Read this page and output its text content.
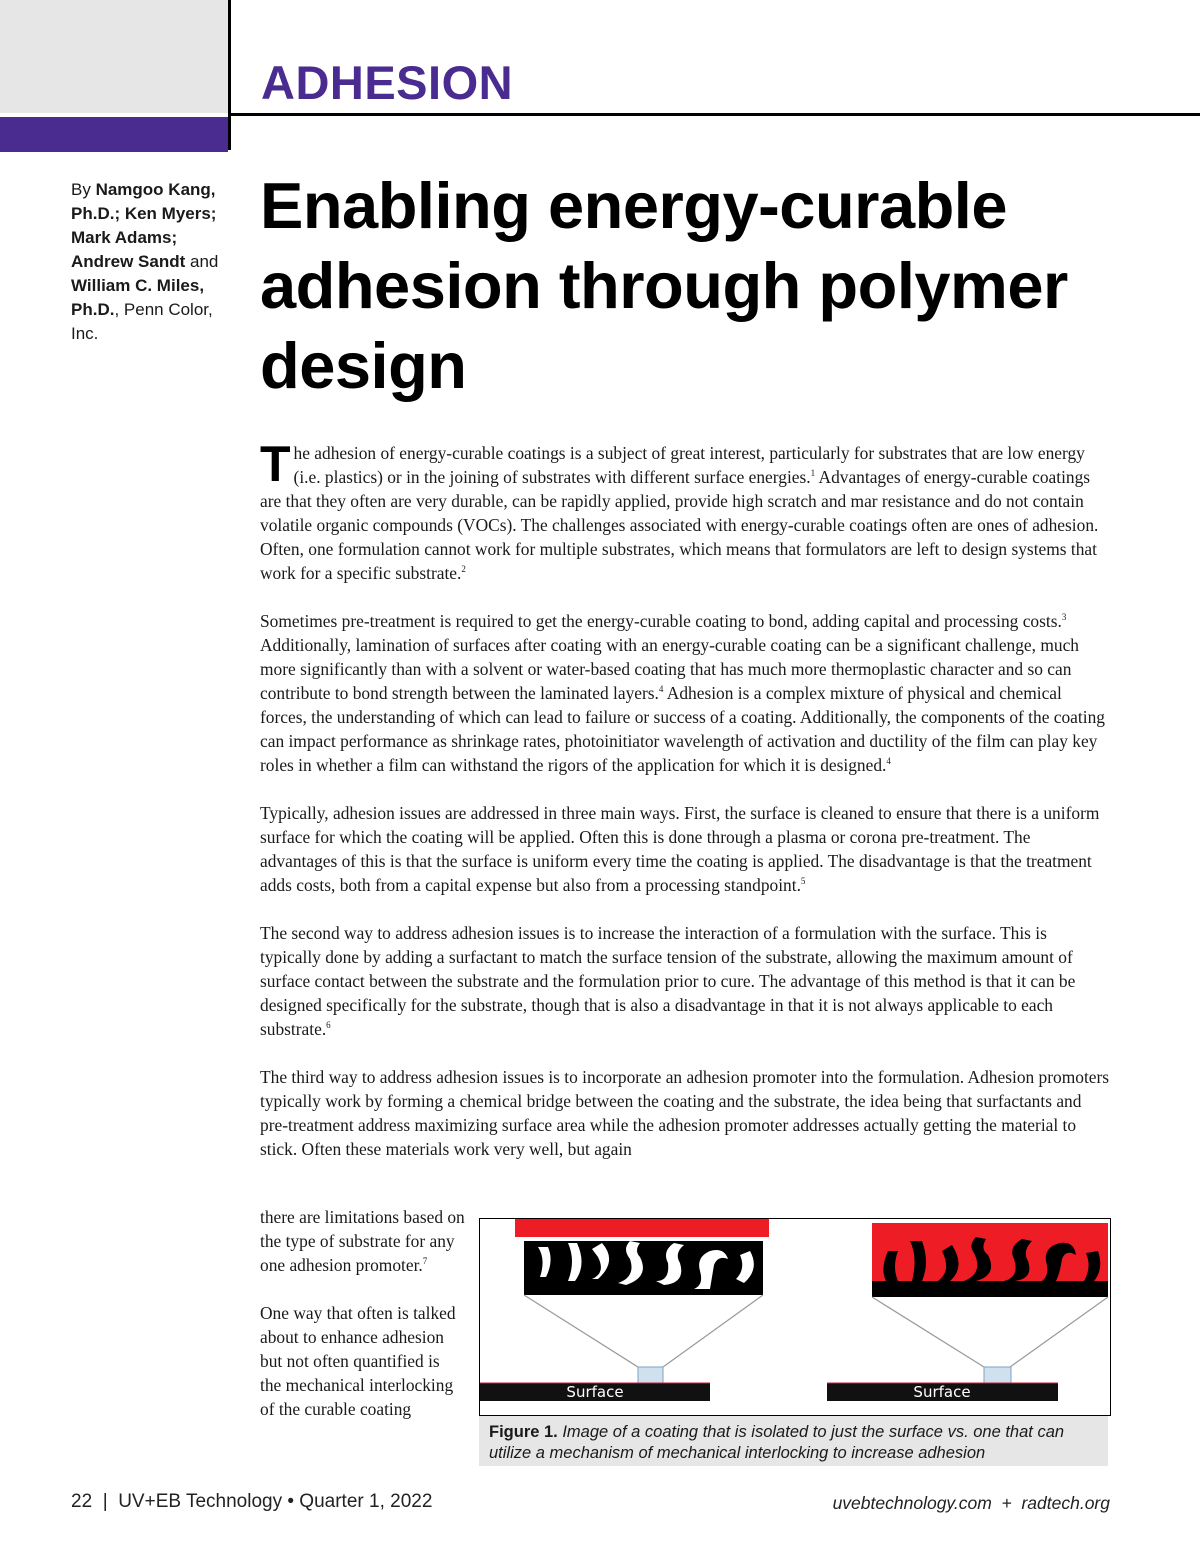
ADHESION

By Namgoo Kang, Ph.D.; Ken Myers; Mark Adams; Andrew Sandt and William C. Miles, Ph.D., Penn Color, Inc.

Enabling energy-curable adhesion through polymer design

The adhesion of energy-curable coatings is a subject of great interest, particularly for substrates that are low energy (i.e. plastics) or in the joining of substrates with different surface energies.$^1$ Advantages of energy-curable coatings are that they often are very durable, can be rapidly applied, provide high scratch and mar resistance and do not contain volatile organic compounds (VOCs). The challenges associated with energy-curable coatings often are ones of adhesion. Often, one formulation cannot work for multiple substrates, which means that formulators are left to design systems that work for a specific substrate.$^2$

Sometimes pre-treatment is required to get the energy-curable coating to bond, adding capital and processing costs.$^3$ Additionally, lamination of surfaces after coating with an energy-curable coating can be a significant challenge, much more significantly than with a solvent or water-based coating that has much more thermoplastic character and so can contribute to bond strength between the laminated layers.$^4$ Adhesion is a complex mixture of physical and chemical forces, the understanding of which can lead to failure or success of a coating. Additionally, the components of the coating can impact performance as shrinkage rates, photoinitiator wavelength of activation and ductility of the film can play key roles in whether a film can withstand the rigors of the application for which it is designed.$^4$

Typically, adhesion issues are addressed in three main ways. First, the surface is cleaned to ensure that there is a uniform surface for which the coating will be applied. Often this is done through a plasma or corona pre-treatment. The advantages of this is that the surface is uniform every time the coating is applied. The disadvantage is that the treatment adds costs, both from a capital expense but also from a processing standpoint.$^5$

The second way to address adhesion issues is to increase the interaction of a formulation with the surface. This is typically done by adding a surfactant to match the surface tension of the substrate, allowing the maximum amount of surface contact between the substrate and the formulation prior to cure. The advantage of this method is that it can be designed specifically for the substrate, though that is also a disadvantage in that it is not always applicable to each substrate.$^6$

The third way to address adhesion issues is to incorporate an adhesion promoter into the formulation. Adhesion promoters typically work by forming a chemical bridge between the coating and the substrate, the idea being that surfactants and pre-treatment address maximizing surface area while the adhesion promoter addresses actually getting the material to stick. Often these materials work very well, but again

there are limitations based on the type of substrate for any one adhesion promoter.$^7$

One way that often is talked about to enhance adhesion but not often quantified is the mechanical interlocking of the curable coating

Surface	Surface
Figure 1. Image of a coating that is isolated to just the surface vs. one that can utilize a mechanism of mechanical interlocking to increase adhesion
22  |  UV+EB Technology • Quarter 1, 2022	uvebtechnology.com  +  radtech.org
